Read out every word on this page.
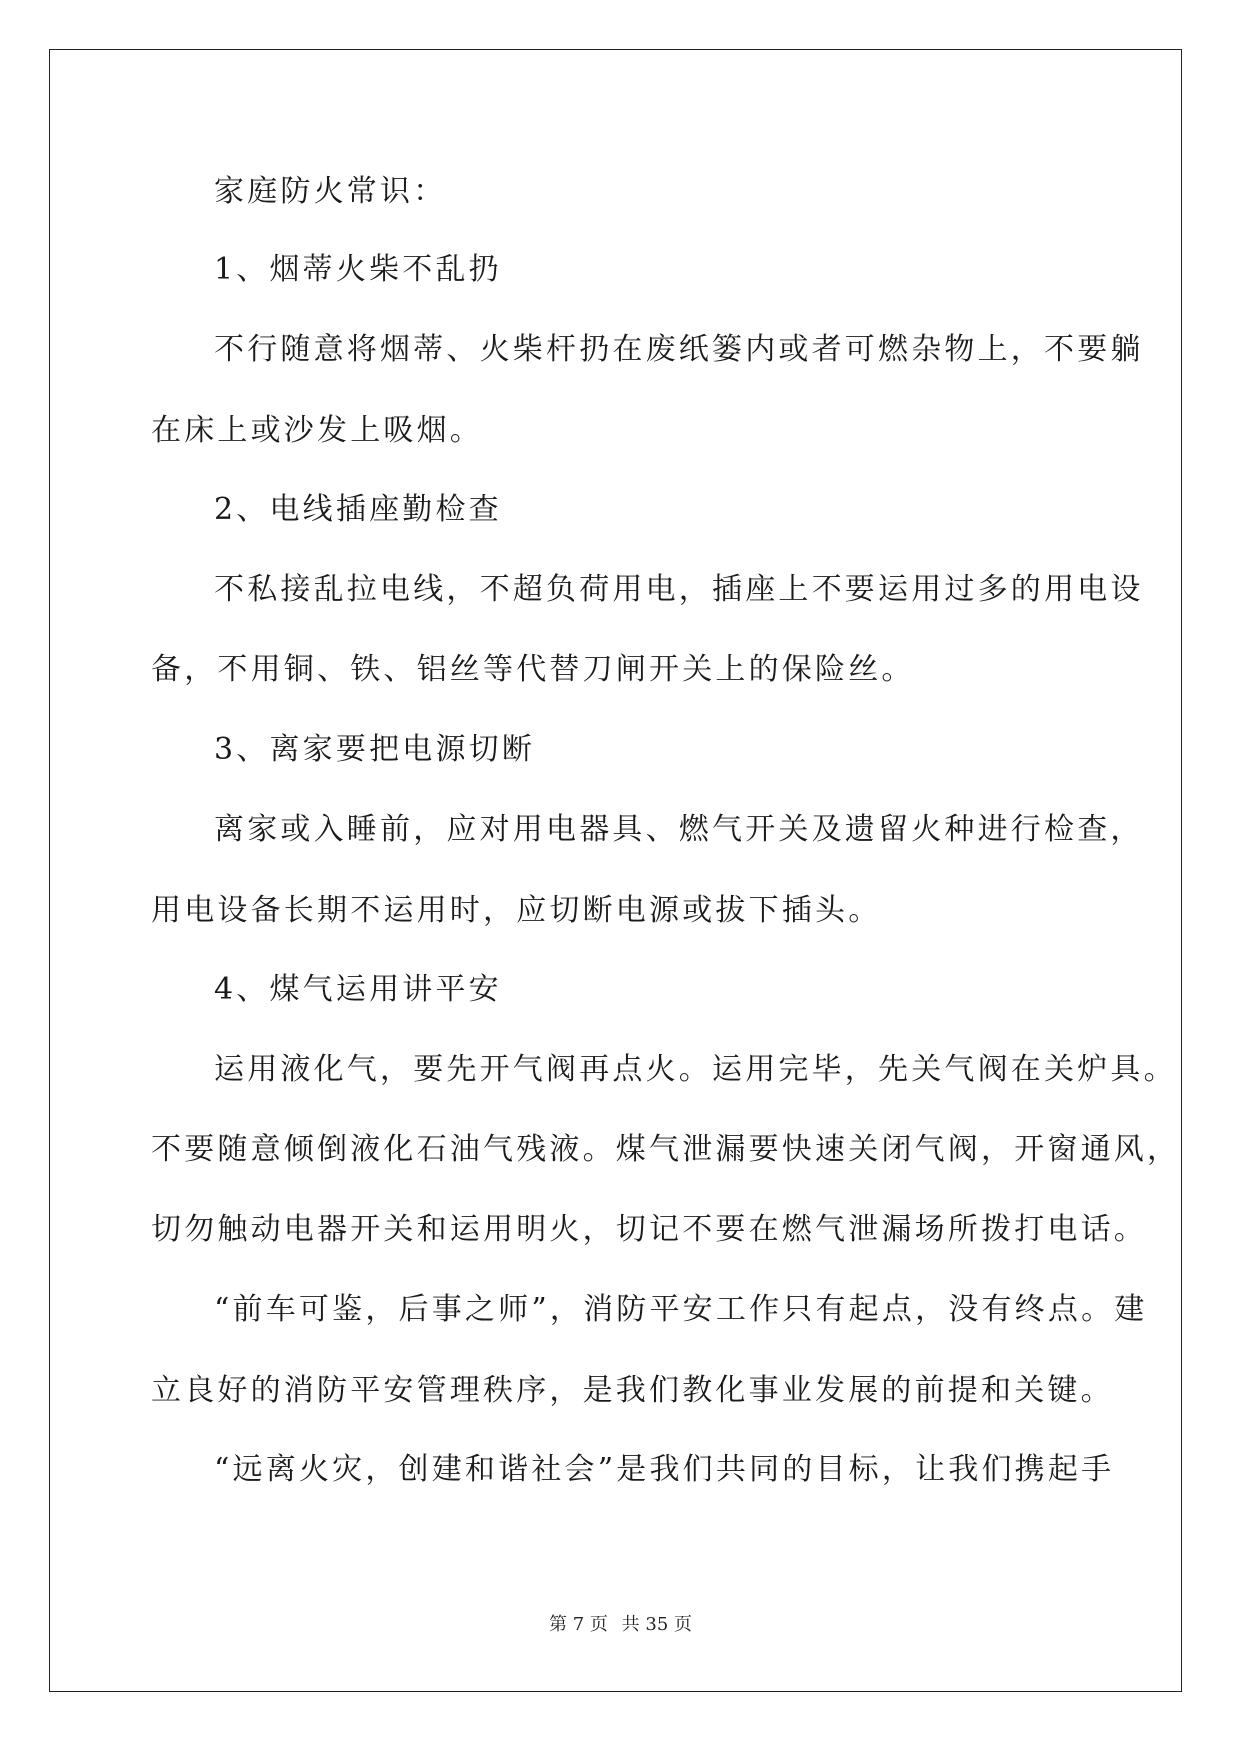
家庭防火常识：

1、烟蒂火柴不乱扔

不行随意将烟蒂、火柴杆扔在废纸篓内或者可燃杂物上，不要躺

在床上或沙发上吸烟。

2、电线插座勤检查

不私接乱拉电线，不超负荷用电，插座上不要运用过多的用电设

备，不用铜、铁、铝丝等代替刀闸开关上的保险丝。

3、离家要把电源切断

离家或入睡前，应对用电器具、燃气开关及遗留火种进行检查，

用电设备长期不运用时，应切断电源或拔下插头。

4、煤气运用讲平安

运用液化气，要先开气阀再点火。运用完毕，先关气阀在关炉具。

不要随意倾倒液化石油气残液。煤气泄漏要快速关闭气阀，开窗通风，

切勿触动电器开关和运用明火，切记不要在燃气泄漏场所拨打电话。

“前车可鉴，后事之师”，消防平安工作只有起点，没有终点。建

立良好的消防平安管理秩序，是我们教化事业发展的前提和关键。

“远离火灾，创建和谐社会”是我们共同的目标，让我们携起手

第 7 页 共 35 页
